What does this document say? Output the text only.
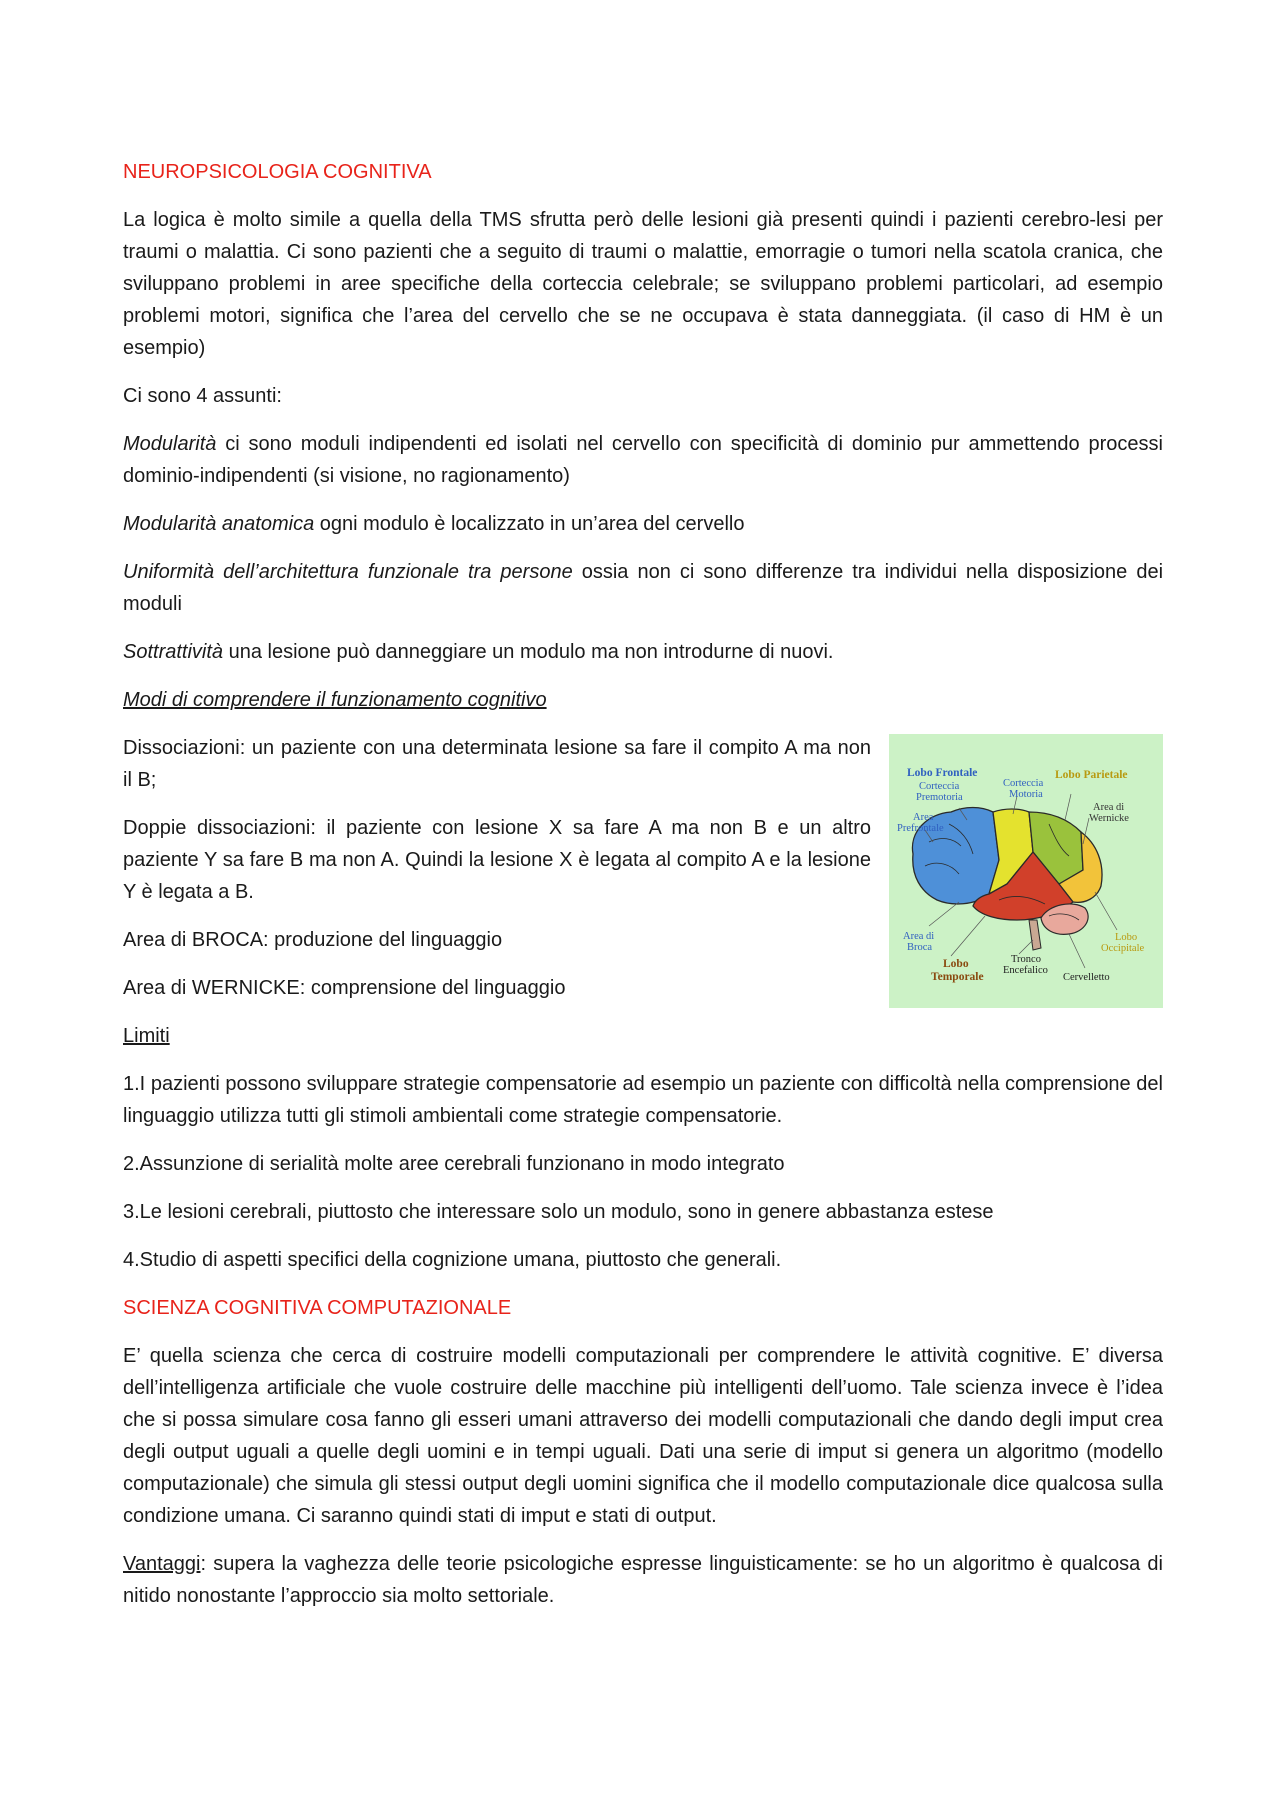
NEUROPSICOLOGIA COGNITIVA

La logica è molto simile a quella della TMS sfrutta però delle lesioni già presenti quindi i pazienti cerebro-lesi per traumi o malattia. Ci sono pazienti che a seguito di traumi o malattie, emorragie o tumori nella scatola cranica, che sviluppano problemi in aree specifiche della corteccia celebrale; se sviluppano problemi particolari, ad esempio problemi motori, significa che l’area del cervello che se ne occupava è stata danneggiata. (il caso di HM è un esempio)

Ci sono 4 assunti:

Modularità ci sono moduli indipendenti ed isolati nel cervello con specificità di dominio pur ammettendo processi dominio-indipendenti (si visione, no ragionamento)

Modularità anatomica ogni modulo è localizzato in un’area del cervello

Uniformità dell’architettura funzionale tra persone ossia non ci sono differenze tra individui nella disposizione dei moduli

Sottrattività una lesione può danneggiare un modulo ma non introdurne di nuovi.

Modi di comprendere il funzionamento cognitivo

Lobo Frontale
Corteccia
Premotoria
Corteccia
Motoria
Lobo Parietale
Area di
Wernicke
Area
Prefrontale
Area di
Broca
Lobo
Temporale
Tronco
Encefalico
Cervelletto
Lobo
Occipitale

Dissociazioni: un paziente con una determinata lesione sa fare il compito A ma non il B;

Doppie dissociazioni: il paziente con lesione X sa fare A ma non B e un altro paziente Y sa fare B ma non A. Quindi la lesione X è legata al compito A e la lesione Y è legata a B.

Area di BROCA: produzione del linguaggio

Area di WERNICKE: comprensione del linguaggio

Limiti

1.I pazienti possono sviluppare strategie compensatorie ad esempio un paziente con difficoltà nella comprensione del linguaggio utilizza tutti gli stimoli ambientali come strategie compensatorie.

2.Assunzione di serialità molte aree cerebrali funzionano in modo integrato

3.Le lesioni cerebrali, piuttosto che interessare solo un modulo, sono in genere abbastanza estese

4.Studio di aspetti specifici della cognizione umana, piuttosto che generali.

SCIENZA COGNITIVA COMPUTAZIONALE

E’ quella scienza che cerca di costruire modelli computazionali per comprendere le attività cognitive. E’ diversa dell’intelligenza artificiale che vuole costruire delle macchine più intelligenti dell’uomo. Tale scienza invece è l’idea che si possa simulare cosa fanno gli esseri umani attraverso dei modelli computazionali che dando degli imput crea degli output uguali a quelle degli uomini e in tempi uguali. Dati una serie di imput si genera un algoritmo (modello computazionale) che simula gli stessi output degli uomini significa che il modello computazionale dice qualcosa sulla condizione umana. Ci saranno quindi stati di imput e stati di output.

Vantaggi: supera la vaghezza delle teorie psicologiche espresse linguisticamente: se ho un algoritmo è qualcosa di nitido nonostante l’approccio sia molto settoriale.
